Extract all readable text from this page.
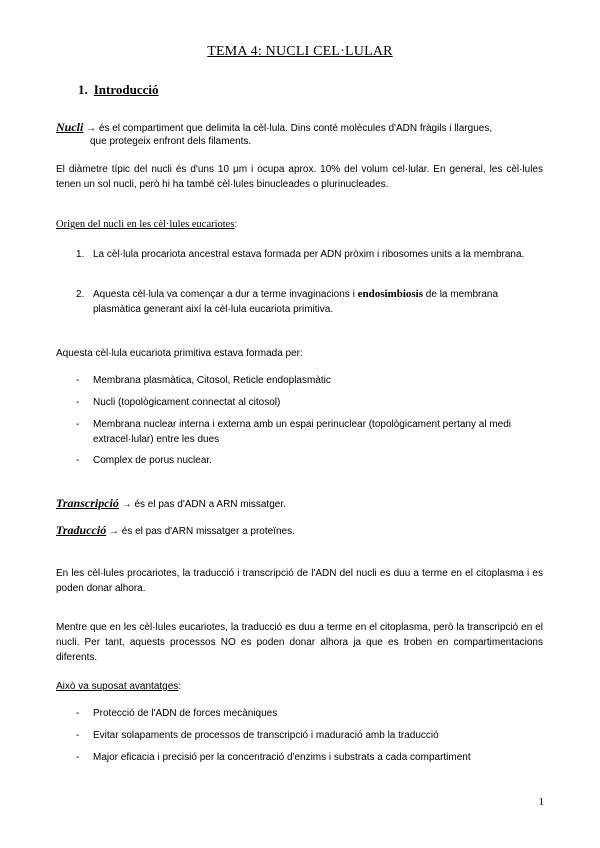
TEMA 4: NUCLI CEL·LULAR
1. Introducció
Nucli → és el compartiment que delimita la cèl·lula. Dins conté molècules d'ADN fràgils i llargues,
que protegeix enfront dels filaments.
El diàmetre típic del nucli és d'uns 10 µm i ocupa aprox. 10% del volum cel·lular. En general, les cèl·lules tenen un sol nucli, però hi ha també cèl·lules binucleades o plurinucleades.
Origen del nucli en les cèl·lules eucariotes:
1. La cèl·lula procariota ancestral estava formada per ADN pròxim i ribosomes units a la membrana.
2. Aquesta cèl·lula va començar a dur a terme invaginacions i endosimbiosis de la membrana plasmàtica generant així la cèl·lula eucariota primitiva.
Aquesta cèl·lula eucariota primitiva estava formada per:
- Membrana plasmàtica, Citosol, Reticle endoplasmàtic
- Nucli (topològicament connectat al citosol)
- Membrana nuclear interna i externa amb un espai perinuclear (topològicament pertany al medi extracel·lular) entre les dues
- Complex de porus nuclear.
Transcripció → és el pas d'ADN a ARN missatger.
Traducció → és el pas d'ARN missatger a proteïnes.
En les cèl·lules procariotes, la traducció i transcripció de l'ADN del nucli es duu a terme en el citoplasma i es poden donar alhora.
Mentre que en les cèl·lules eucariotes, la traducció es duu a terme en el citoplasma, però la transcripció en el nucli. Per tant, aquests processos NO es poden donar alhora ja que es troben en compartimentacions diferents.
Això va suposat avantatges:
- Protecció de l'ADN de forces mecàniques
- Evitar solapaments de processos de transcripció i maduració amb la traducció
- Major eficacia i precisió per la concentració d'enzims i substrats a cada compartiment
1
